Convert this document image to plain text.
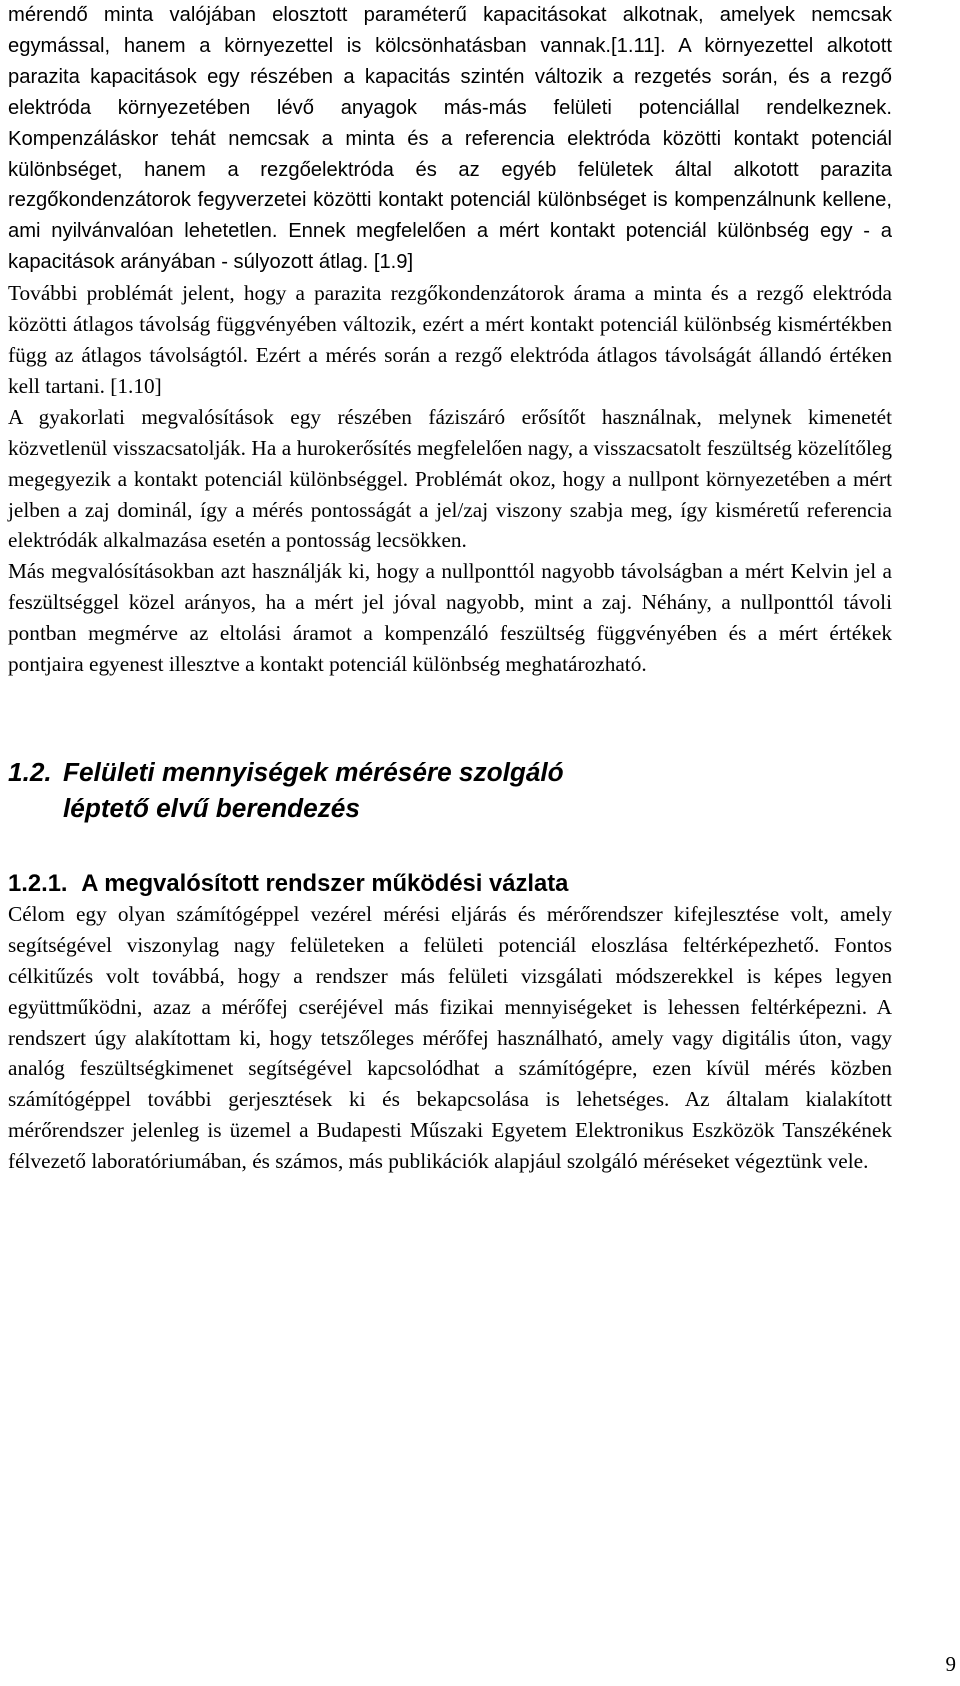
mérendő minta valójában elosztott paraméterű kapacitásokat alkotnak, amelyek nemcsak egymással, hanem a környezettel is kölcsönhatásban vannak.[1.11]. A környezettel alkotott parazita kapacitások egy részében a kapacitás szintén változik a rezgetés során, és a rezgő elektróda környezetében lévő anyagok más-más felületi potenciállal rendelkeznek. Kompenzáláskor tehát nemcsak a minta és a referencia elektróda közötti kontakt potenciál különbséget, hanem a rezgőelektróda és az egyéb felületek által alkotott parazita rezgőkondenzátorok fegyverzetei közötti kontakt potenciál különbséget is kompenzálnunk kellene, ami nyilvánvalóan lehetetlen. Ennek megfelelően a mért kontakt potenciál különbség egy - a kapacitások arányában - súlyozott átlag. [1.9]

További problémát jelent, hogy a parazita rezgőkondenzátorok árama a minta és a rezgő elektróda közötti átlagos távolság függvényében változik, ezért a mért kontakt potenciál különbség kismértékben függ az átlagos távolságtól. Ezért a mérés során a rezgő elektróda átlagos távolságát állandó értéken kell tartani. [1.10]

A gyakorlati megvalósítások egy részében fáziszáró erősítőt használnak, melynek kimenetét közvetlenül visszacsatolják. Ha a hurokerősítés megfelelően nagy, a visszacsatolt feszültség közelítőleg megegyezik a kontakt potenciál különbséggel. Problémát okoz, hogy a nullpont környezetében a mért jelben a zaj dominál, így a mérés pontosságát a jel/zaj viszony szabja meg, így kisméretű referencia elektródák alkalmazása esetén a pontosság lecsökken.

Más megvalósításokban azt használják ki, hogy a nullponttól nagyobb távolságban a mért Kelvin jel a feszültséggel közel arányos, ha a mért jel jóval nagyobb, mint a zaj. Néhány, a nullponttól távoli pontban megmérve az eltolási áramot a kompenzáló feszültség függvényében és a mért értékek pontjaira egyenest illesztve a kontakt potenciál különbség meghatározható.

1.2. Felületi mennyiségek mérésére szolgáló léptető elvű berendezés
1.2.1. A megvalósított rendszer működési vázlata

Célom egy olyan számítógéppel vezérel mérési eljárás és mérőrendszer kifejlesztése volt, amely segítségével viszonylag nagy felületeken a felületi potenciál eloszlása feltérképezhető. Fontos célkitűzés volt továbbá, hogy a rendszer más felületi vizsgálati módszerekkel is képes legyen együttműködni, azaz a mérőfej cseréjével más fizikai mennyiségeket is lehessen feltérképezni. A rendszert úgy alakítottam ki, hogy tetszőleges mérőfej használható, amely vagy digitális úton, vagy analóg feszültségkimenet segítségével kapcsolódhat a számítógépre, ezen kívül mérés közben számítógéppel további gerjesztések ki és bekapcsolása is lehetséges. Az általam kialakított mérőrendszer jelenleg is üzemel a Budapesti Műszaki Egyetem Elektronikus Eszközök Tanszékének félvezető laboratóriumában, és számos, más publikációk alapjául szolgáló méréseket végeztünk vele.

9
